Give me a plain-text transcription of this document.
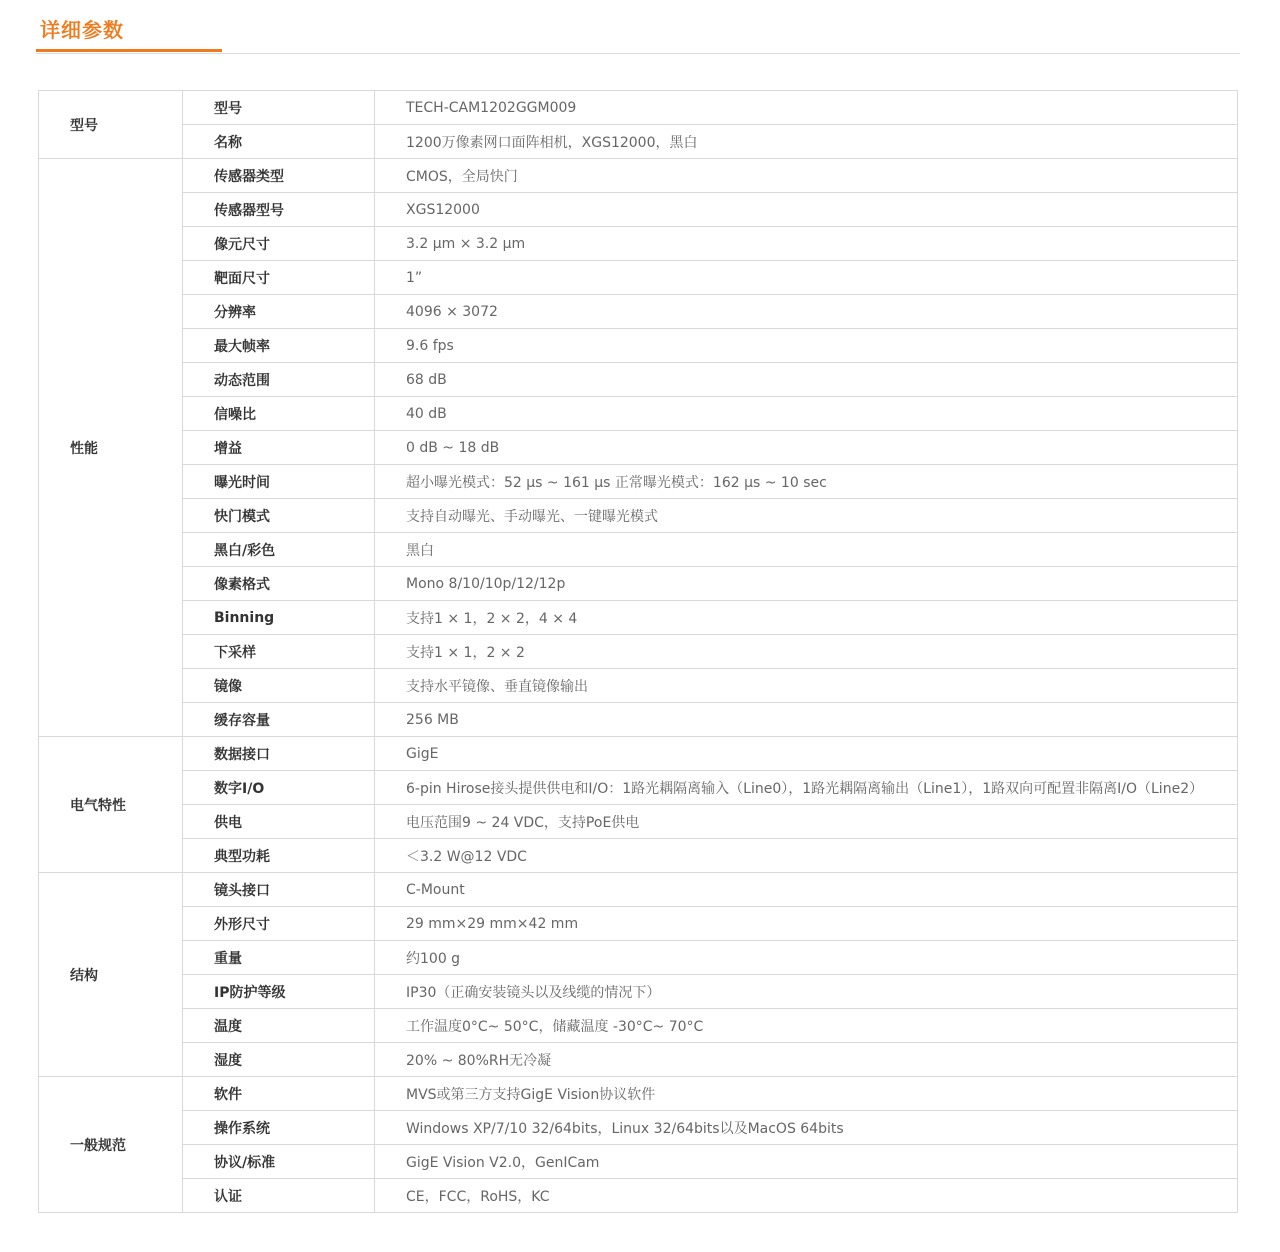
详细参数
型号	型号	TECH-CAM1202GGM009
	名称	1200万像素网口面阵相机，XGS12000，黑白
性能	传感器类型	CMOS，全局快门
	传感器型号	XGS12000
	像元尺寸	3.2 μm × 3.2 μm
	靶面尺寸	1”
	分辨率	4096 × 3072
	最大帧率	9.6 fps
	动态范围	68 dB
	信噪比	40 dB
	增益	0 dB ~ 18 dB
	曝光时间	超小曝光模式：52 μs ~ 161 μs 正常曝光模式：162 μs ~ 10 sec
	快门模式	支持自动曝光、手动曝光、一键曝光模式
	黑白/彩色	黑白
	像素格式	Mono 8/10/10p/12/12p
	Binning	支持1 × 1，2 × 2，4 × 4
	下采样	支持1 × 1，2 × 2
	镜像	支持水平镜像、垂直镜像输出
	缓存容量	256 MB
电气特性	数据接口	GigE
	数字I/O	6-pin Hirose接头提供供电和I/O：1路光耦隔离输入（Line0），1路光耦隔离输出（Line1），1路双向可配置非隔离I/O（Line2）
	供电	电压范围9 ~ 24 VDC，支持PoE供电
	典型功耗	＜3.2 W@12 VDC
结构	镜头接口	C-Mount
	外形尺寸	29 mm×29 mm×42 mm
	重量	约100 g
	IP防护等级	IP30（正确安装镜头以及线缆的情况下）
	温度	工作温度0°C~ 50°C，储藏温度 -30°C~ 70°C
	湿度	20% ~ 80%RH无冷凝
一般规范	软件	MVS或第三方支持GigE Vision协议软件
	操作系统	Windows XP/7/10 32/64bits，Linux 32/64bits以及MacOS 64bits
	协议/标准	GigE Vision V2.0，GenICam
	认证	CE，FCC，RoHS，KC
